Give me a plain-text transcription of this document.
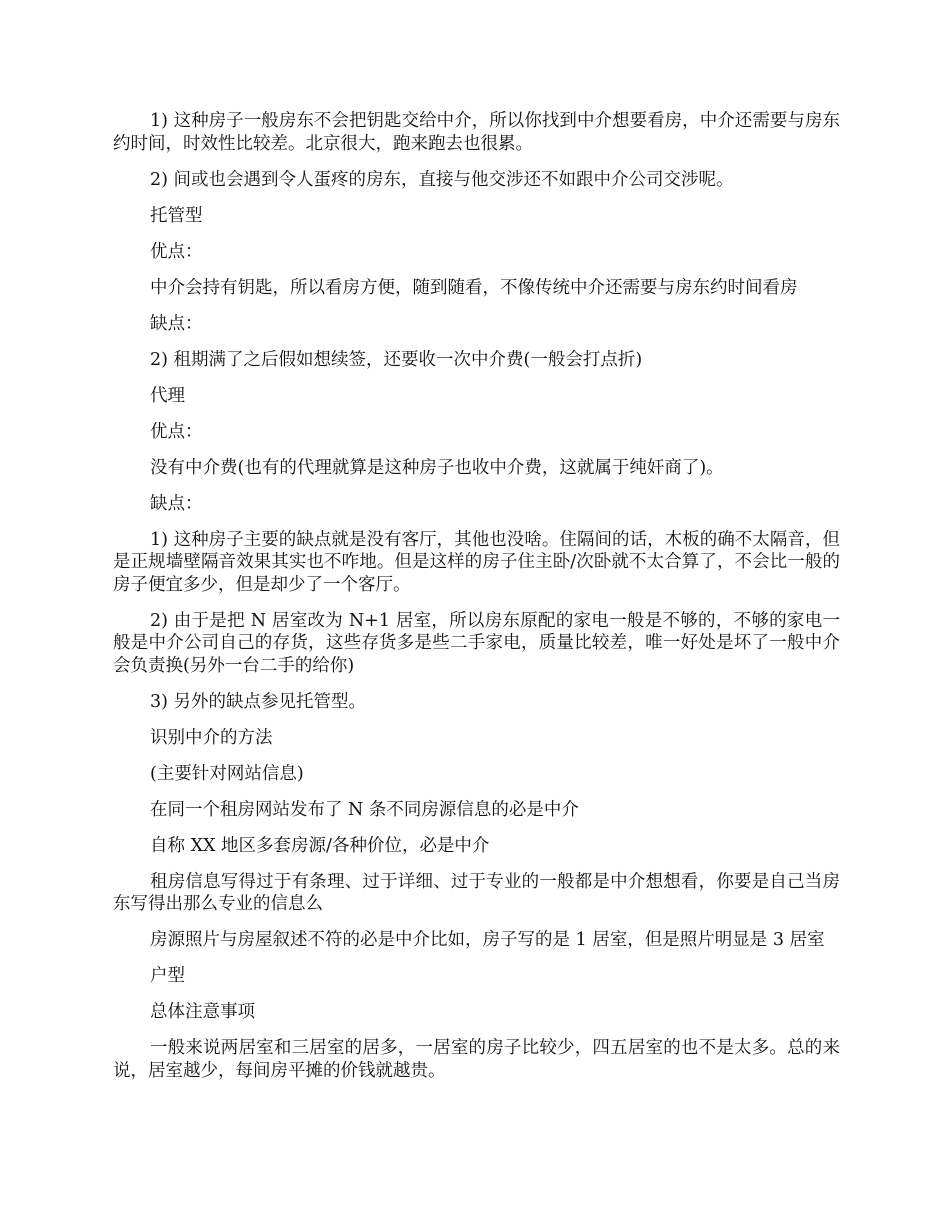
1) 这种房子一般房东不会把钥匙交给中介，所以你找到中介想要看房，中介还需要与房东约时间，时效性比较差。北京很大，跑来跑去也很累。

2) 间或也会遇到令人蛋疼的房东，直接与他交涉还不如跟中介公司交涉呢。

托管型

优点：

中介会持有钥匙，所以看房方便，随到随看，不像传统中介还需要与房东约时间看房

缺点：

2) 租期满了之后假如想续签，还要收一次中介费(一般会打点折)

代理

优点：

没有中介费(也有的代理就算是这种房子也收中介费，这就属于纯奸商了)。

缺点：

1) 这种房子主要的缺点就是没有客厅，其他也没啥。住隔间的话，木板的确不太隔音，但是正规墙壁隔音效果其实也不咋地。但是这样的房子住主卧/次卧就不太合算了，不会比一般的房子便宜多少，但是却少了一个客厅。

2) 由于是把 N 居室改为 N+1 居室，所以房东原配的家电一般是不够的，不够的家电一般是中介公司自己的存货，这些存货多是些二手家电，质量比较差，唯一好处是坏了一般中介会负责换(另外一台二手的给你)

3) 另外的缺点参见托管型。

识别中介的方法

(主要针对网站信息)

在同一个租房网站发布了 N 条不同房源信息的必是中介

自称 XX 地区多套房源/各种价位，必是中介

租房信息写得过于有条理、过于详细、过于专业的一般都是中介想想看，你要是自己当房东写得出那么专业的信息么

房源照片与房屋叙述不符的必是中介比如，房子写的是 1 居室，但是照片明显是 3 居室

户型

总体注意事项

一般来说两居室和三居室的居多，一居室的房子比较少，四五居室的也不是太多。总的来说，居室越少，每间房平摊的价钱就越贵。
